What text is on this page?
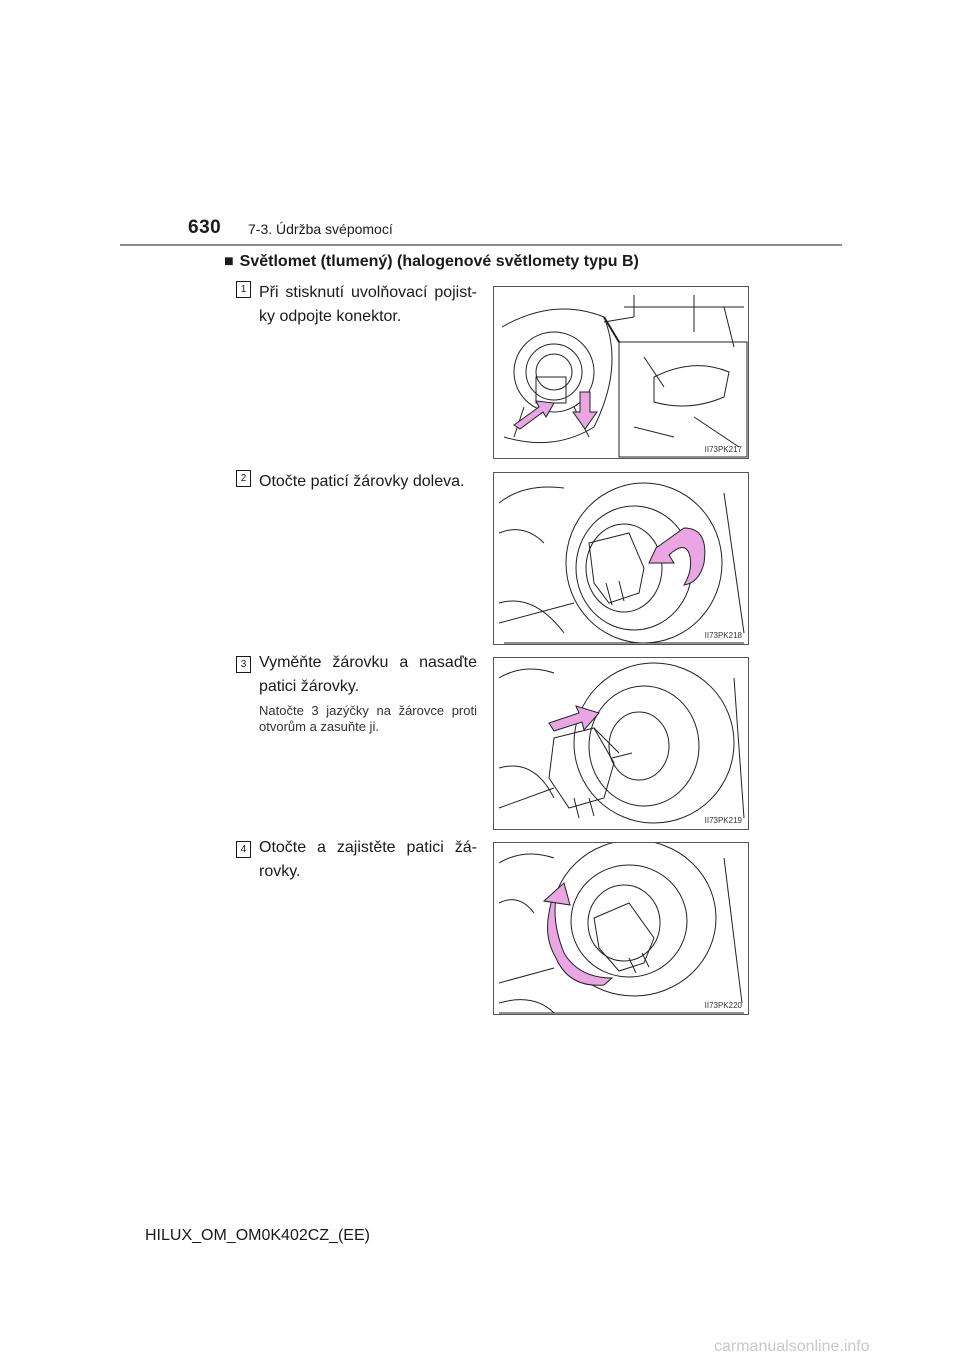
630 7-3. Údržba svépomocí
■ Světlomet (tlumený) (halogenové světlomety typu B)
1 Při stisknutí uvolňovací pojist-ky odpojte konektor.
II73PK217
2 Otočte paticí žárovky doleva.
II73PK218
3 Vyměňte žárovku a nasaďte patici žárovky.
Natočte 3 jazýčky na žárovce proti otvorům a zasuňte ji.
II73PK219
4 Otočte a zajistěte patici žá-rovky.
II73PK220
HILUX_OM_OM0K402CZ_(EE)
carmanualsonline.info
